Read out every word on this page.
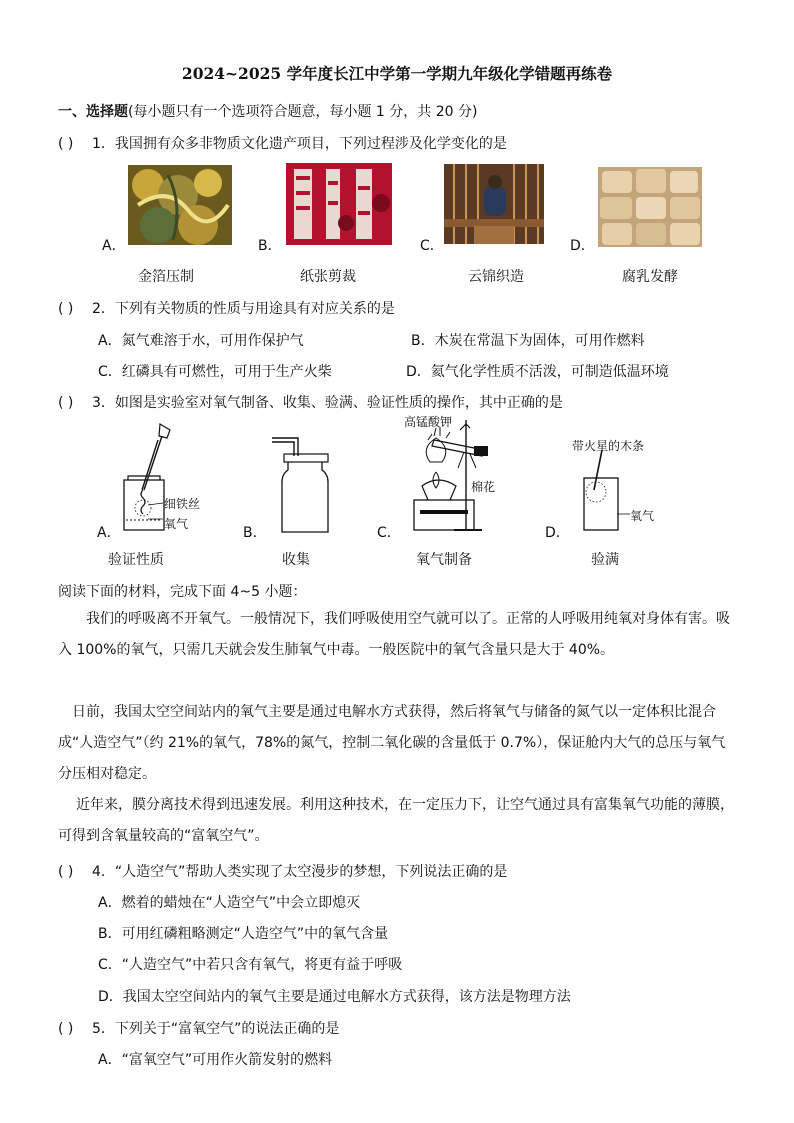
2024~2025 学年度长江中学第一学期九年级化学错题再练卷
一、选择题(每小题只有一个选项符合题意，每小题 1 分，共 20 分)
( ) 1．我国拥有众多非物质文化遗产项目，下列过程涉及化学变化的是
A．	B．	C．	D．
金箔压制	纸张剪裁	云锦织造	腐乳发酵
( ) 2．下列有关物质的性质与用途具有对应关系的是
A．氮气难溶于水，可用作保护气	B．木炭在常温下为固体，可用作燃料
C．红磷具有可燃性，可用于生产火柴	D．氦气化学性质不活泼，可制造低温环境
( ) 3．如图是实验室对氧气制备、收集、验满、验证性质的操作，其中正确的是
细铁丝
氧气
高锰酸钾
棉花
带火星的木条
氧气
A．	B．	C．	D．
验证性质	收集	氧气制备	验满
阅读下面的材料，完成下面 4~5 小题：
我们的呼吸离不开氧气。一般情况下，我们呼吸使用空气就可以了。正常的人呼吸用纯氧对身体有害。吸入 100%的氧气，只需几天就会发生肺氧气中毒。一般医院中的氧气含量只是大于 40%。
日前，我国太空空间站内的氧气主要是通过电解水方式获得，然后将氧气与储备的氮气以一定体积比混合成“人造空气”（约 21%的氧气，78%的氮气，控制二氧化碳的含量低于 0.7%），保证舱内大气的总压与氧气分压相对稳定。
近年来，膜分离技术得到迅速发展。利用这种技术，在一定压力下，让空气通过具有富集氧气功能的薄膜，可得到含氧量较高的“富氧空气”。
( ) 4．“人造空气”帮助人类实现了太空漫步的梦想，下列说法正确的是
A．燃着的蜡烛在“人造空气”中会立即熄灭
B．可用红磷粗略测定“人造空气”中的氧气含量
C．“人造空气”中若只含有氧气，将更有益于呼吸
D．我国太空空间站内的氧气主要是通过电解水方式获得，该方法是物理方法
( ) 5．下列关于“富氧空气”的说法正确的是
A．“富氧空气”可用作火箭发射的燃料
